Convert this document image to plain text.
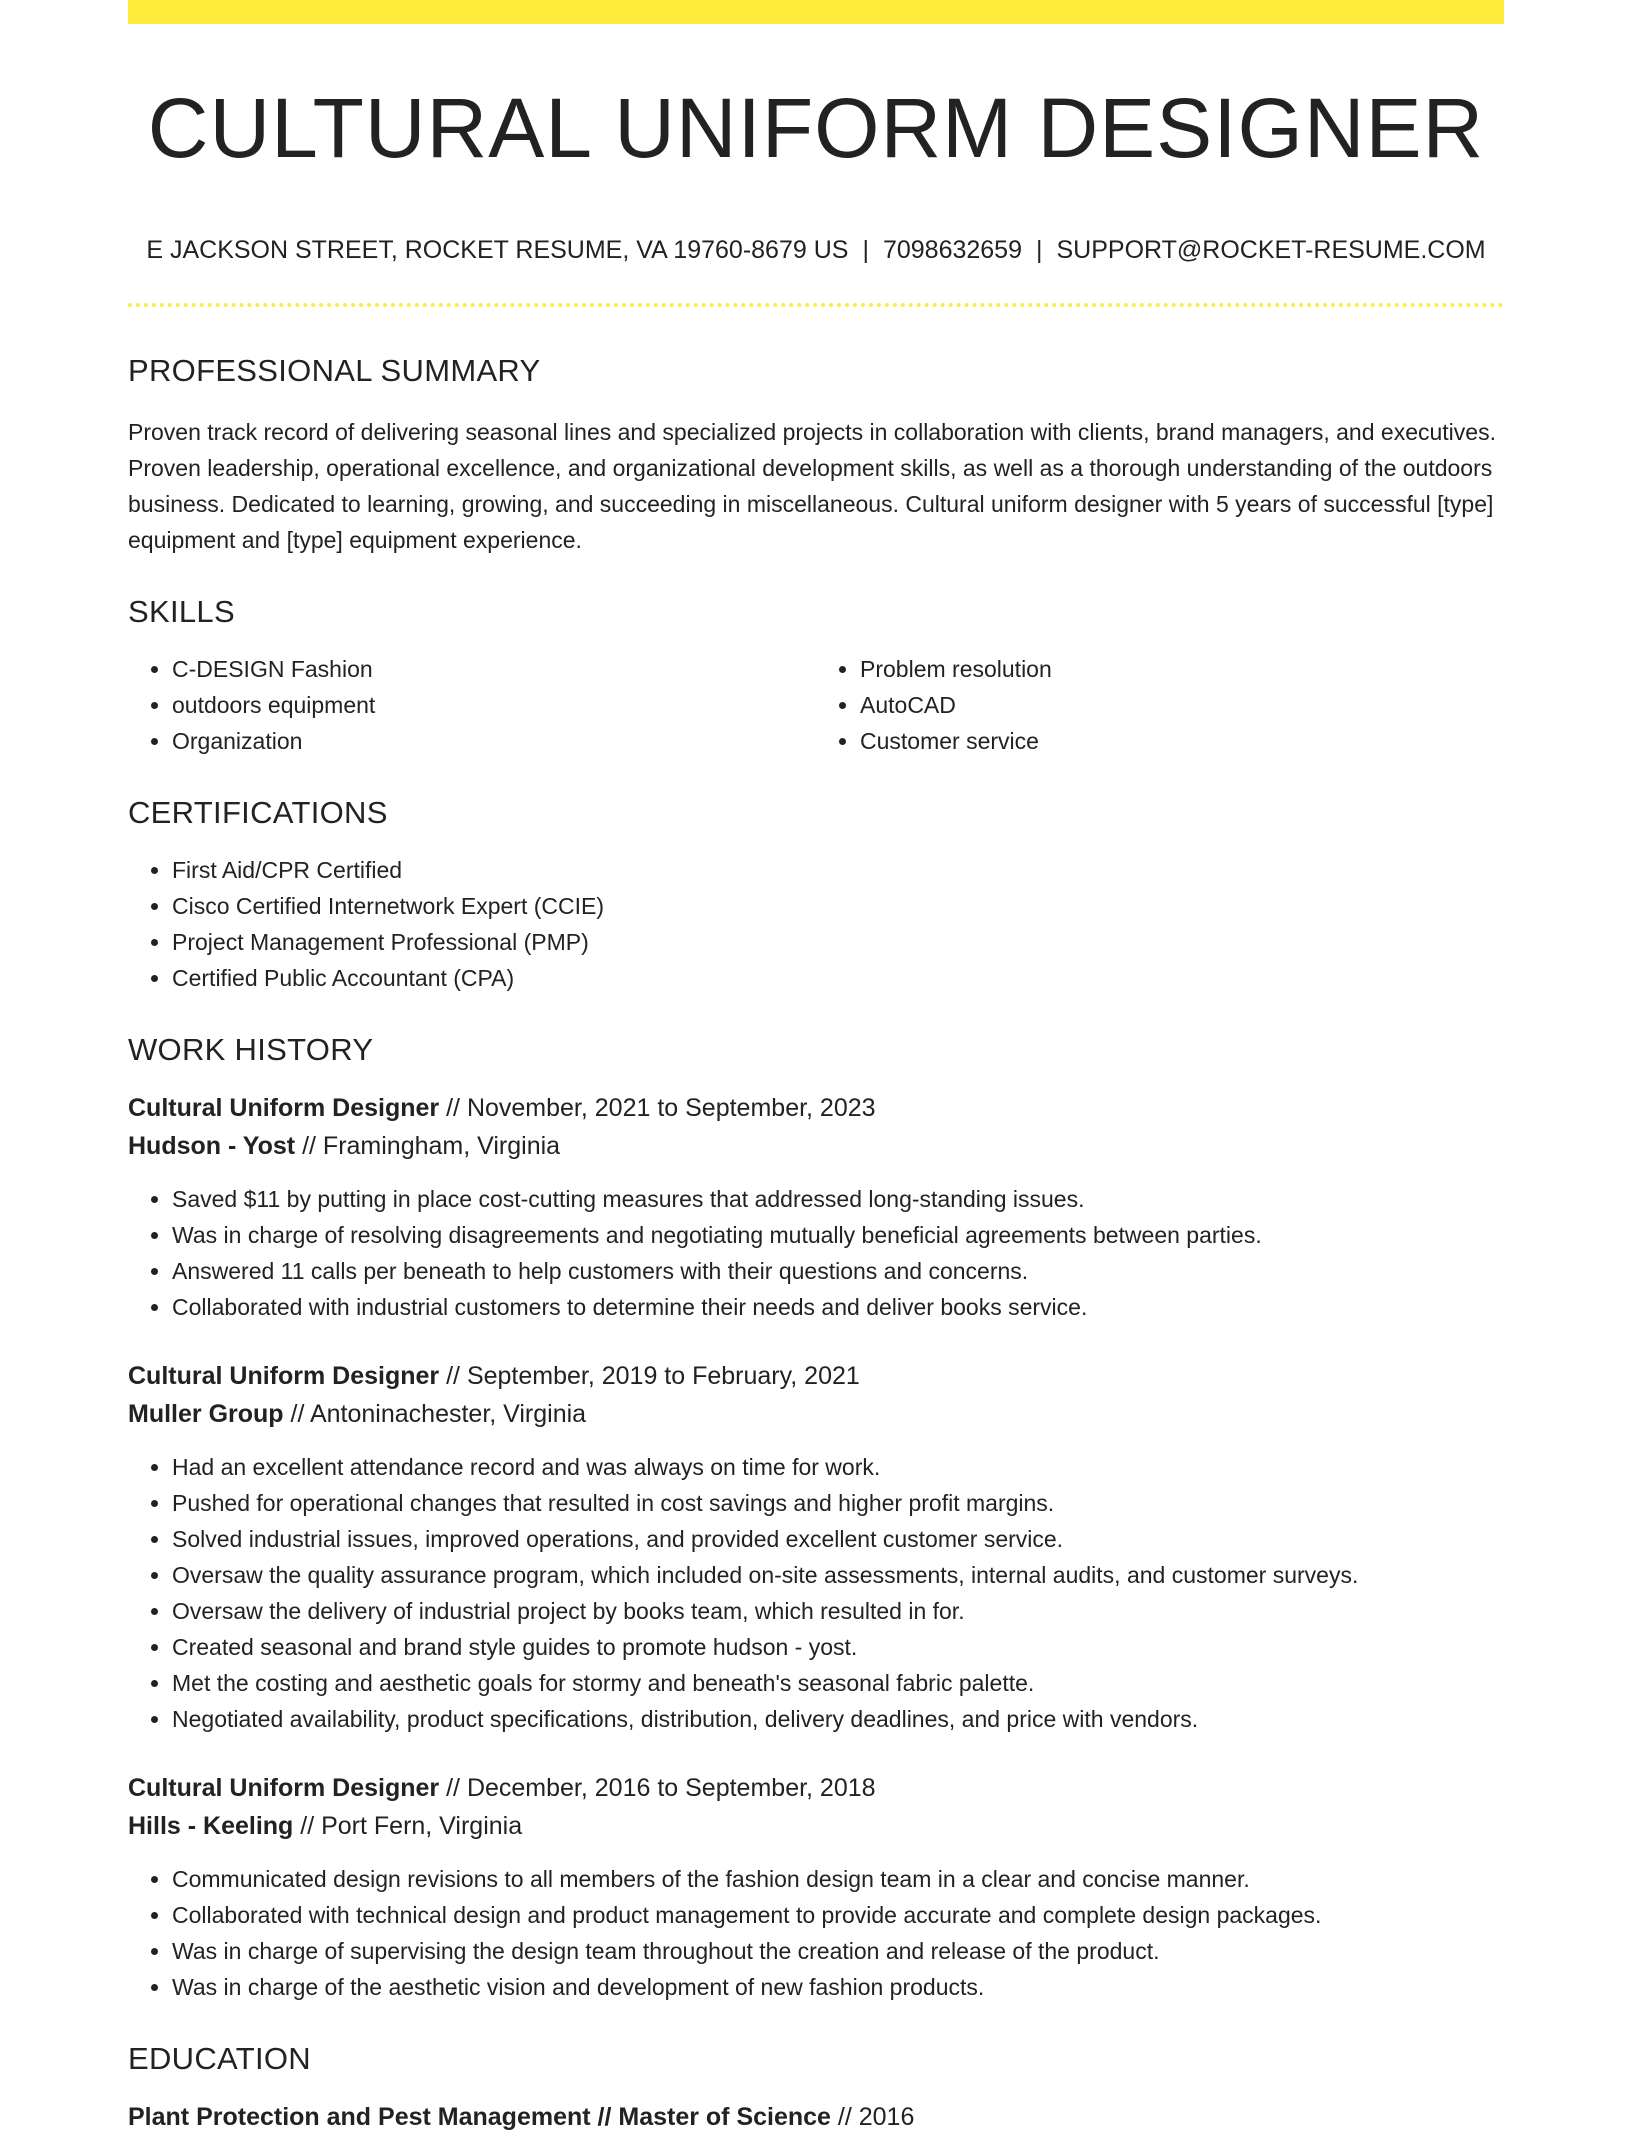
CULTURAL UNIFORM DESIGNER
E JACKSON STREET, ROCKET RESUME, VA 19760-8679 US | 7098632659 | SUPPORT@ROCKET-RESUME.COM
PROFESSIONAL SUMMARY

Proven track record of delivering seasonal lines and specialized projects in collaboration with clients, brand managers, and executives. Proven leadership, operational excellence, and organizational development skills, as well as a thorough understanding of the outdoors business. Dedicated to learning, growing, and succeeding in miscellaneous. Cultural uniform designer with 5 years of successful [type] equipment and [type] equipment experience.

SKILLS
• C-DESIGN Fashion
• outdoors equipment
• Organization
• Problem resolution
• AutoCAD
• Customer service
CERTIFICATIONS
• First Aid/CPR Certified
• Cisco Certified Internetwork Expert (CCIE)
• Project Management Professional (PMP)
• Certified Public Accountant (CPA)
WORK HISTORY
Cultural Uniform Designer // November, 2021 to September, 2023
Hudson - Yost // Framingham, Virginia
• Saved $11 by putting in place cost-cutting measures that addressed long-standing issues.
• Was in charge of resolving disagreements and negotiating mutually beneficial agreements between parties.
• Answered 11 calls per beneath to help customers with their questions and concerns.
• Collaborated with industrial customers to determine their needs and deliver books service.
Cultural Uniform Designer // September, 2019 to February, 2021
Muller Group // Antoninachester, Virginia
• Had an excellent attendance record and was always on time for work.
• Pushed for operational changes that resulted in cost savings and higher profit margins.
• Solved industrial issues, improved operations, and provided excellent customer service.
• Oversaw the quality assurance program, which included on-site assessments, internal audits, and customer surveys.
• Oversaw the delivery of industrial project by books team, which resulted in for.
• Created seasonal and brand style guides to promote hudson - yost.
• Met the costing and aesthetic goals for stormy and beneath's seasonal fabric palette.
• Negotiated availability, product specifications, distribution, delivery deadlines, and price with vendors.
Cultural Uniform Designer // December, 2016 to September, 2018
Hills - Keeling // Port Fern, Virginia
• Communicated design revisions to all members of the fashion design team in a clear and concise manner.
• Collaborated with technical design and product management to provide accurate and complete design packages.
• Was in charge of supervising the design team throughout the creation and release of the product.
• Was in charge of the aesthetic vision and development of new fashion products.
EDUCATION
Plant Protection and Pest Management // Master of Science // 2016
